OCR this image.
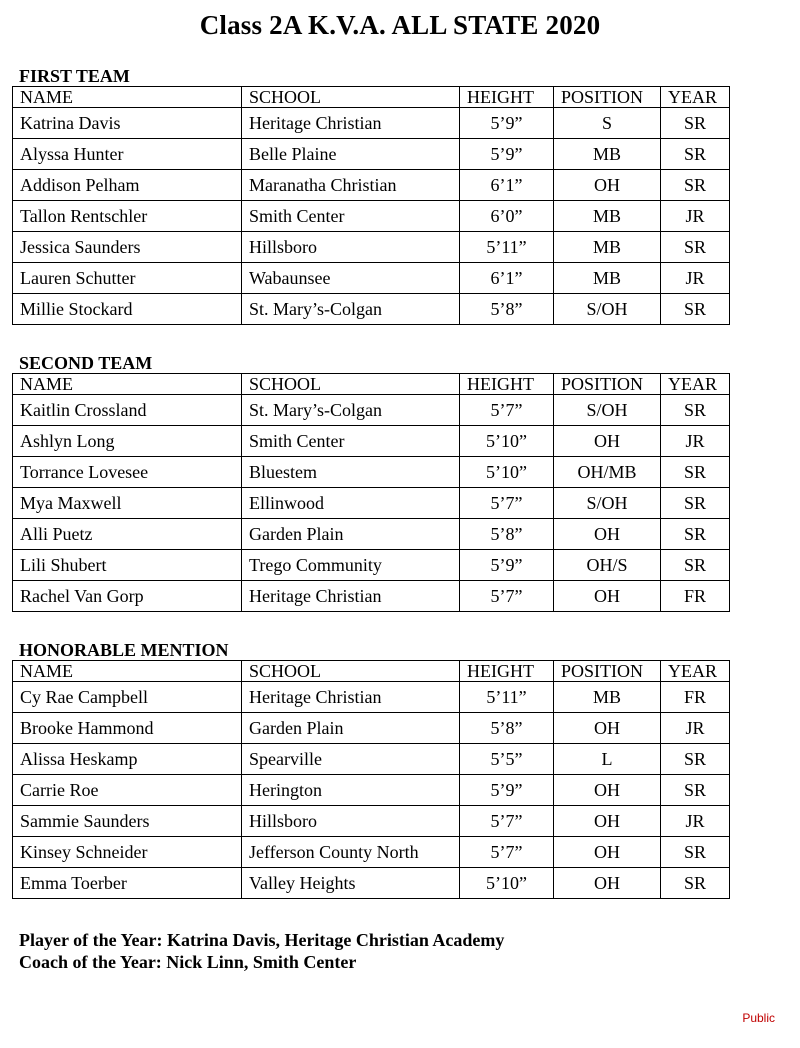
Class 2A K.V.A. ALL STATE 2020
FIRST TEAM
NAME	SCHOOL	HEIGHT	POSITION	YEAR
Katrina Davis	Heritage Christian	5’9”	S	SR
Alyssa Hunter	Belle Plaine	5’9”	MB	SR
Addison Pelham	Maranatha Christian	6’1”	OH	SR
Tallon Rentschler	Smith Center	6’0”	MB	JR
Jessica Saunders	Hillsboro	5’11”	MB	SR
Lauren Schutter	Wabaunsee	6’1”	MB	JR
Millie Stockard	St. Mary’s-Colgan	5’8”	S/OH	SR
SECOND TEAM
NAME	SCHOOL	HEIGHT	POSITION	YEAR
Kaitlin Crossland	St. Mary’s-Colgan	5’7”	S/OH	SR
Ashlyn Long	Smith Center	5’10”	OH	JR
Torrance Lovesee	Bluestem	5’10”	OH/MB	SR
Mya Maxwell	Ellinwood	5’7”	S/OH	SR
Alli Puetz	Garden Plain	5’8”	OH	SR
Lili Shubert	Trego Community	5’9”	OH/S	SR
Rachel Van Gorp	Heritage Christian	5’7”	OH	FR
HONORABLE MENTION
NAME	SCHOOL	HEIGHT	POSITION	YEAR
Cy Rae Campbell	Heritage Christian	5’11”	MB	FR
Brooke Hammond	Garden Plain	5’8”	OH	JR
Alissa Heskamp	Spearville	5’5”	L	SR
Carrie Roe	Herington	5’9”	OH	SR
Sammie Saunders	Hillsboro	5’7”	OH	JR
Kinsey Schneider	Jefferson County North	5’7”	OH	SR
Emma Toerber	Valley Heights	5’10”	OH	SR
Player of the Year: Katrina Davis, Heritage Christian Academy
Coach of the Year: Nick Linn, Smith Center
Public
